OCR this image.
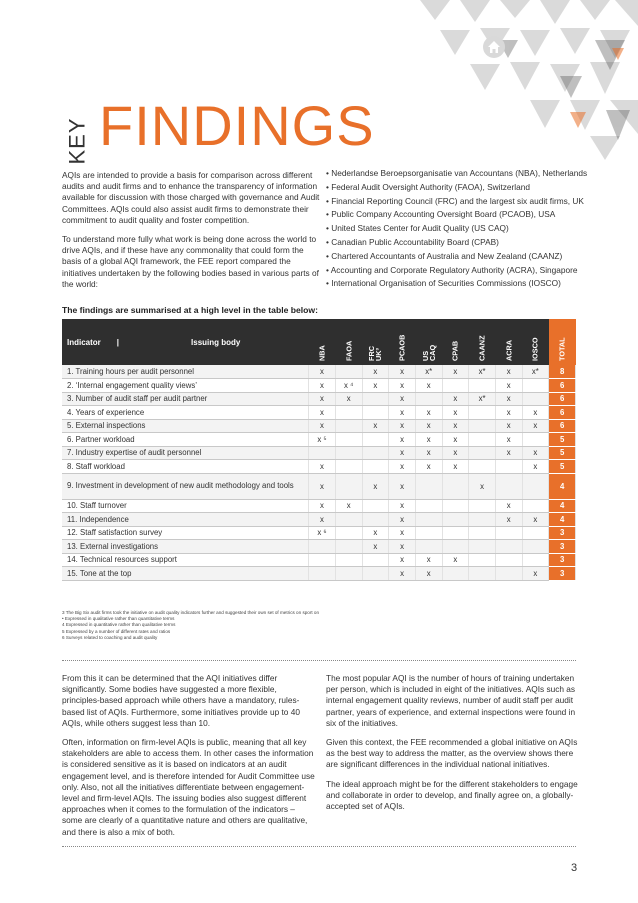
KEY FINDINGS

AQIs are intended to provide a basis for comparison across different audits and audit firms and to enhance the transparency of information available for discussion with those charged with governance and Audit Committees. AQIs could also assist audit firms to demonstrate their commitment to audit quality and foster competition.

To understand more fully what work is being done across the world to drive AQIs, and if these have any commonality that could form the basis of a global AQI framework, the FEE report compared the initiatives undertaken by the following bodies based in various parts of the world:

• Nederlandse Beroepsorganisatie van Accountans (NBA), Netherlands
• Federal Audit Oversight Authority (FAOA), Switzerland
• Financial Reporting Council (FRC) and the largest six audit firms, UK
• Public Company Accounting Oversight Board (PCAOB), USA
• United States Center for Audit Quality (US CAQ)
• Canadian Public Accountability Board (CPAB)
• Chartered Accountants of Australia and New Zealand (CAANZ)
• Accounting and Corporate Regulatory Authority (ACRA), Singapore
• International Organisation of Securities Commissions (IOSCO)
The findings are summarised at a high level in the table below:
Indicator | Issuing body	NBA	FAOA	FRC
UK³	PCAOB	US
CAQ	CPAB	CAANZ	ACRA	IOSCO	TOTAL

1. Training hours per audit personnel	x		x	x	x*	x	x*	x	x*	8
2. ‘Internal engagement quality views’	x	x ⁴	x	x	x			x		6
3. Number of audit staff per audit partner	x	x		x		x	x*	x		6
4. Years of experience	x			x	x	x		x	x	6
5. External inspections	x		x	x	x	x		x	x	6
6. Partner workload	x ⁵			x	x	x		x		5
7. Industry expertise of audit personnel				x	x	x		x	x	5
8. Staff workload	x			x	x	x			x	5
9. Investment in development of new audit methodology and tools	x		x	x			x			4
10. Staff turnover	x	x		x				x		4
11. Independence	x			x				x	x	4
12. Staff satisfaction survey	x ⁶		x	x						3
13. External investigations			x	x						3
14. Technical resources support				x	x	x				3
15. Tone at the top				x	x				x	3
3 The Big Six audit firms took the initiative on audit quality indicators further and suggested their own set of metrics on sport on
• Expressed in qualitative rather than quantitative terms
4 Expressed in quantitative rather than qualitative terms
5 Expressed by a number of different rates and ratios
6 Surveys related to coaching and audit quality

From this it can be determined that the AQI initiatives differ significantly. Some bodies have suggested a more flexible, principles-based approach while others have a mandatory, rules-based list of AQIs. Furthermore, some initiatives provide up to 40 AQIs, while others suggest less than 10.

Often, information on firm-level AQIs is public, meaning that all key stakeholders are able to access them. In other cases the information is considered sensitive as it is based on indicators at an audit engagement level, and is therefore intended for Audit Committee use only. Also, not all the initiatives differentiate between engagement-level and firm-level AQIs. The issuing bodies also suggest different approaches when it comes to the formulation of the indicators – some are clearly of a quantitative nature and others are qualitative, and there is also a mix of both.

The most popular AQI is the number of hours of training undertaken per person, which is included in eight of the initiatives. AQIs such as internal engagement quality reviews, number of audit staff per audit partner, years of experience, and external inspections were found in six of the initiatives.

Given this context, the FEE recommended a global initiative on AQIs as the best way to address the matter, as the overview shows there are significant differences in the individual national initiatives.

The ideal approach might be for the different stakeholders to engage and collaborate in order to develop, and finally agree on, a globally-accepted set of AQIs.

3
